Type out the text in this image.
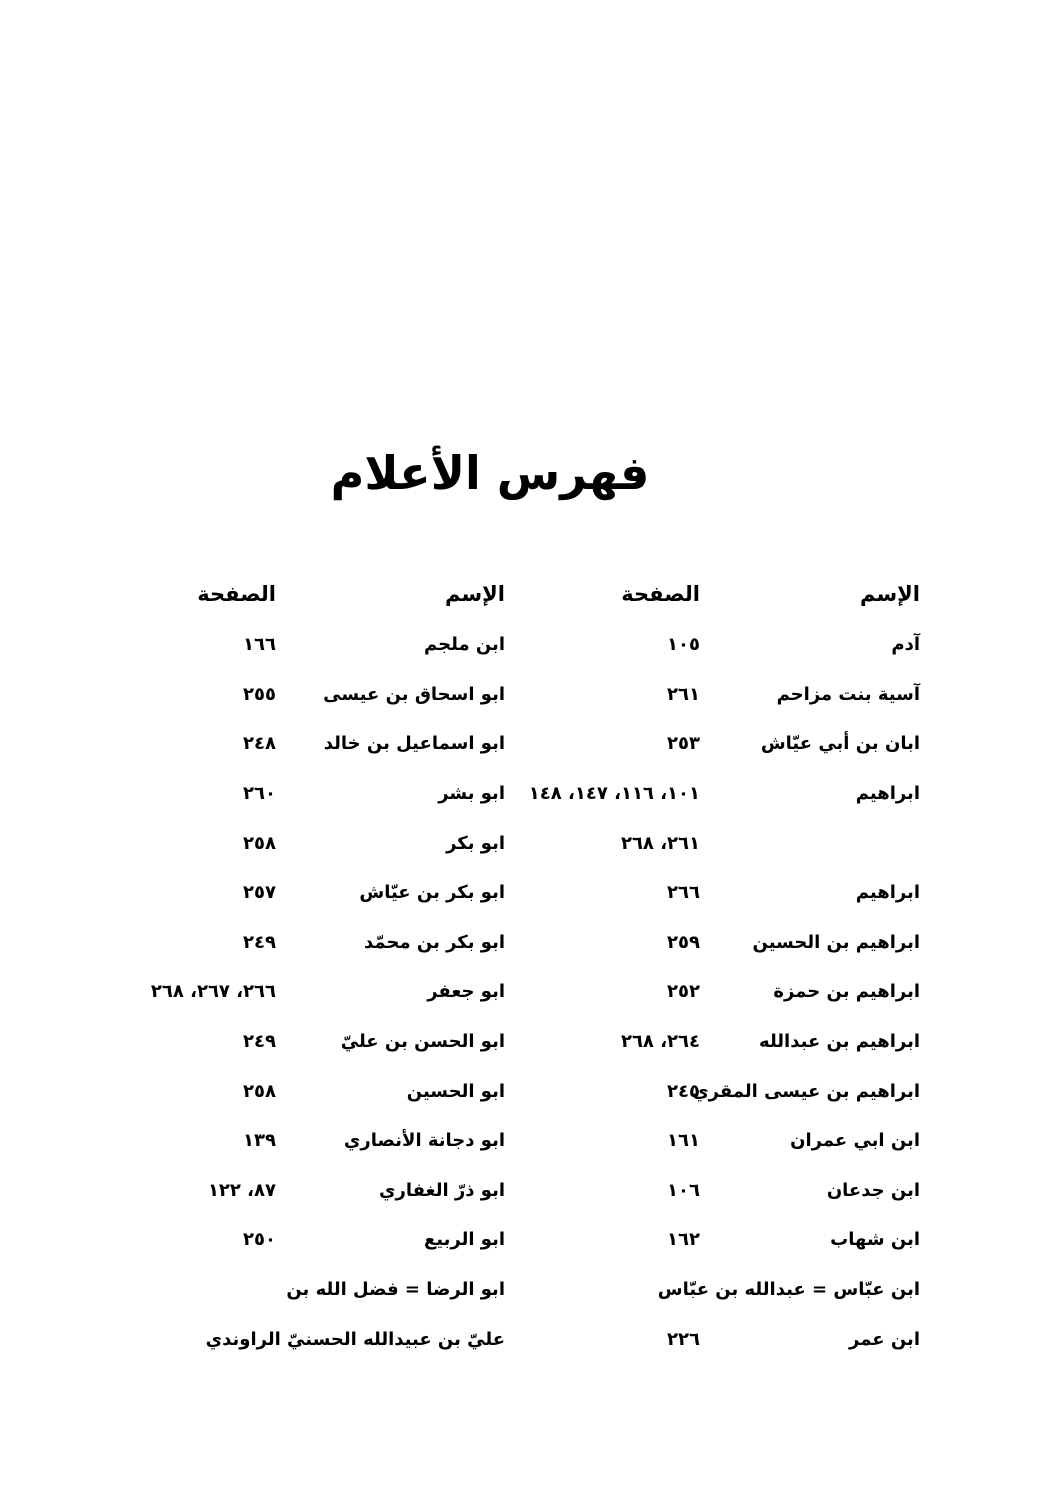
فهرس الأعلام
الإسم
الصفحة
الإسم
الصفحة
آدم
١٠٥
ابن ملجم
١٦٦
آسية بنت مزاحم
٢٦١
ابو اسحاق بن عيسى
٢٥٥
ابان بن أبي عيّاش
٢٥٣
ابو اسماعيل بن خالد
٢٤٨
ابراهيم
١٠١، ١١٦، ١٤٧، ١٤٨
ابو بشر
٢٦٠
٢٦١، ٢٦٨
ابو بكر
٢٥٨
ابراهيم
٢٦٦
ابو بكر بن عيّاش
٢٥٧
ابراهيم بن الحسين
٢٥٩
ابو بكر بن محمّد
٢٤٩
ابراهيم بن حمزة
٢٥٢
ابو جعفر
٢٦٦، ٢٦٧، ٢٦٨
ابراهيم بن عبدالله
٢٦٤، ٢٦٨
ابو الحسن بن عليّ
٢٤٩
ابراهيم بن عيسى المقري
٢٤٥
ابو الحسين
٢٥٨
ابن ابي عمران
١٦١
ابو دجانة الأنصاري
١٣٩
ابن جدعان
١٠٦
ابو ذرّ الغفاري
٨٧، ١٢٢
ابن شهاب
١٦٢
ابو الربيع
٢٥٠
ابن عبّاس = عبدالله بن عبّاس
ابو الرضا = فضل الله بن
ابن عمر
٢٢٦
عليّ بن عبيدالله الحسنيّ الراوندي
